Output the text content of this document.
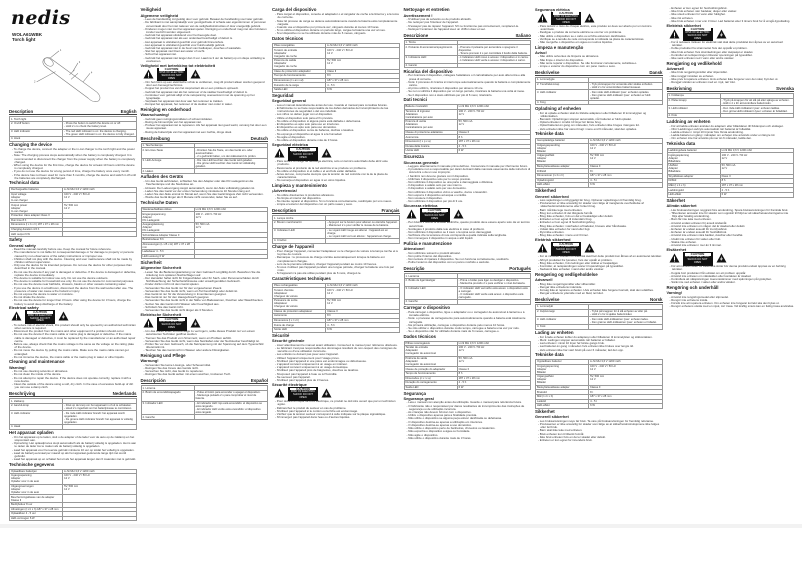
nedis
WOLA61WBK
Torch light
1
2
3
4
Description	English
1. Torch light	
2. On/off button	- Press the button to switch the device on or off.
- Hold 2 s to check the battery level.
3. LED indicator	- The red LED indicator is on: the device is charging.
- The green LED indicator is on: the device is fully charged.
4. Hook	
Changing the device
- To charge the device, connect the adapter or the in-car charger to the torch light and the power socket.
- Note: The charging process stops automatically when the battery is completely charged. It is recommended to disconnect the charger from the power supply when the battery is completely charged.
- When using the device for the first time, charge the device for at least 10 hours until the device is completely charged.
- If you do not use the device for a long period of time, charge the battery once every month.
- If the device has not been used for more than 6 months, charge the device and switch it off until the batteries are completely discharged.
Technical data
Rechargeable batteries	Li-Ni MH 3.6 V 1200 mAh
Input voltage
Adapter
In-car charger	100 V - 240 V / 50 Hz
12 V
Output power
Adapter
In-car charger	5V, 500 mA
12 V
Protection class adapter Class II	
Run time 8 h	
Dimensions (l x b x h) 187 x 37 x 28 mm	
Charging duration 4-5 h	
LED output 6 W	
Safety
General safety
- Read the manual carefully before use. Keep the manual for future reference.
- The manufacturer is not liable for consequential damage or for damage to property or persons caused by non-observance of the safety instructions or improper use.
- Children shall not play with the device. Cleaning and user maintenance shall not be made by children without supervision.
- Only use the device for its intended purposes. Do not use the device for other purposes than described in the manual.
- Do not use the device if any part is damaged or defective. If the device is damaged or defective, replace the device immediately.
- The device is suitable for indoor use only. Do not use the device outdoors.
- The device is suitable for household use only. Do not use the device for commercial purposes.
- Do not use the device near bathtubs, showers, basins or other vessels containing water.
- If you use the device in a bathroom, disconnect the device from the wall socket after use. The presence of water can cause a fire hazard or injury.
- Do not expose the device to water or moisture.
- Do not shake the device.
- Do not use the device for longer than 3 hours. After using the device for 3 hours, charge the battery to avoid deep discharge of the battery.
Electrical safety
CAUTION
RISK OF ELECTRIC SHOCK DO NOT OPEN
- To reduce risk of electric shock, this product should only be opened by an authorized technician when service is required.
- Disconnect the product from the mains and other equipment if a problem should occur.
- Do not use the device if the mains cable or mains plug is damaged or defective. If the mains cable is damaged or defective, it must be replaced by the manufacturer or an authorised repair centre.
- Before use, always check that the mains voltage is the same as the voltage on the rating plate of the device.
- Do not move the device by pulling the mains cable. Make sure the mains cable cannot get entangled.
- Do not immerse the device, the mains cable or the mains plug in water or other liquids.
Cleaning and maintenance
Warning!
- Do not use cleaning solvents or abrasives.
- Do not clean the inside of the device.
- Do not attempt to repair the device. If the device does not operate correctly, replace it with a new device.
- Clean the outside of the device using a soft, dry cloth. In the case of excessive build-up of dirt you can use a damp cloth.
Beschrijving	Nederlands
1. Zaklamp	
2. Aan/uit-knop	- Druk op de knop om het apparaat in of uit te schakelen.
- Houd 2 s ingedrukt om het batterijniveau te controleren.
3. LED-indicator	- De rode LED-indicator brandt: het apparaat wordt opgeladen.
- De groene LED-indicator brandt: het apparaat is volledig opgeladen.
4. Haak	
Het apparaat opladen
- Om het apparaat op te laden, sluit u de adapter of de lader voor de auto op de zaklamp en het stopcontact aan.
- Opmerking: Het oplaadproces stopt automatisch als de batterij volledig is opgeladen. Het is aan te raden de lader los te maken als de batterij volledig is opgeladen.
- Laad het apparaat voor het eerste gebruik minstens 10 uur op totdat het volledig is opgeladen.
- Laad de batterij eenmaal per maand op als het apparaat gedurende lange tijd niet wordt gebruikt.
- Laad het apparaat op en schakel het uit als het apparaat langer dan 6 maanden niet is gebruikt.
Technische gegevens
Oplaadbare batterijen	Li-Ni MH 3,6 V 1200 mAh
Ingangsspanning
Adapter
Oplader voor in de auto	100 V - 240 V / 50 Hz
12 V
Uitgangsvermogen
Adapter
Oplader voor in de auto	5V, 500 mA
12 V
Beschermingsklasse van de adapter Klasse II	
Bedrijfsduur 8 uur	
Afmetingen (l x b x h) 187 x 37 x 28 mm	
Oplaadduur 4 - 5 uur	
LED-vermogen 6 W	
Veiligheid
Algemene veiligheid
- Lees de handleiding zorgvuldig door voor gebruik. Bewaar de handleiding voor later gebruik.
- De fabrikant is niet aansprakelijk voor gevolgschade of schade aan eigendommen of personen veroorzaakt door het niet naleven van de veiligheidsinstructies of door oneigenlijk gebruik.
- Kinderen mogen niet met het apparaat spelen. Reiniging en onderhoud mag niet door kinderen zonder toezicht worden uitgevoerd.
- Gebruik het apparaat uitsluitend voor het beoogde doel.
- Gebruik het apparaat niet als een onderdeel beschadigd of defect is.
- Het apparaat is uitsluitend geschikt voor gebruik binnenshuis.
- Het apparaat is uitsluitend geschikt voor huishoudelijk gebruik.
- Gebruik het apparaat niet in de buurt van badkuipen, douches of wastafels.
- Stel het apparaat niet bloot aan water of vocht.
- Schud het apparaat niet.
- Gebruik het apparaat niet langer dan 3 uur. Laad na 3 uur de batterij op om diepe ontlading te voorkomen.
Veiligheid met betrekking tot elektriciteit
CAUTION
RISK OF ELECTRIC SHOCK DO NOT OPEN
- Om het risico op een elektrische schok te verkleinen, mag dit product alleen worden geopend door een bevoegd technicus.
- Koppel het product los van het stopcontact als er een probleem optreedt.
- Gebruik het apparaat niet als het netsnoer of de stekker beschadigd of defect is.
- Controleer voor gebruik altijd of de netspanning overeenkomt met de spanning op het typeplaatje.
- Verplaats het apparaat niet door aan het netsnoer te trekken.
- Dompel het apparaat, het netsnoer of de stekker niet onder in water.
Reiniging en onderhoud
Waarschuwing!
- Gebruik geen reinigingsmiddelen of schuurmiddelen.
- Reinig de binnenzijde van het apparaat niet.
- Probeer het apparaat niet te repareren. Als het apparaat niet goed werkt, vervang het door een nieuw apparaat.
- Reinig de buitenzijde van het apparaat met een zachte, droge doek.
Beschreibung	Deutsch
1. Taschenlampe	
2. Ein-/Aus-Taste	- Drücken Sie die Taste, um das Gerät ein- oder auszuschalten.
- 2 s gedrückt halten, um den Akkustand zu prüfen.
3. LED-Anzeige	- Die rote LED leuchtet: das Gerät wird geladen.
- Die grüne LED leuchtet: das Gerät ist vollständig geladen.
4. Haken	
Aufladen des Geräts
- Um das Gerät aufzuladen, schließen Sie den Adapter oder das Kfz-Ladegerät an die Taschenlampe und die Steckdose an.
- Hinweis: Der Ladevorgang stoppt automatisch, wenn der Akku vollständig geladen ist.
- Laden Sie das Gerät vor der ersten Verwendung mindestens 10 Stunden lang auf.
- Laden Sie den Akku einmal im Monat auf, wenn Sie das Gerät längere Zeit nicht verwenden.
- Wurde das Gerät länger als 6 Monate nicht verwendet, laden Sie es auf.
Technische Daten
Wiederaufladbare Akkus	Li-Ni MH 3,6 V 1200 mAh
Eingangsspannung
Adapter
Kfz-Ladegerät	100 V - 240 V / 50 Hz
12 V
Ausgangsleistung
Adapter
Kfz-Ladegerät	5V, 500 mA
12 V
Schutzklasse Adapter Klasse II	
Betriebsdauer 8 h	
Abmessungen (L x B x H) 187 x 37 x 28 mm	
Ladedauer 4 - 5 h	
LED-Leistung 6 W	
Sicherheit
Allgemeine Sicherheit
- Lesen Sie die Bedienungsanleitung vor dem Gebrauch sorgfältig durch. Bewahren Sie die Anleitung zum späteren Nachschlagen auf.
- Der Hersteller haftet nicht für Folgeschäden oder für Sach- oder Personenschäden durch Nichtbeachtung der Sicherheitshinweise oder unsachgemäßen Gebrauch.
- Kinder dürfen nicht mit dem Gerät spielen.
- Verwenden Sie das Gerät nur für den vorgesehenen Zweck.
- Verwenden Sie das Gerät nicht, wenn ein Teil beschädigt oder defekt ist.
- Das Gerät ist nur für die Verwendung in Innenräumen geeignet.
- Das Gerät ist nur für den Hausgebrauch geeignet.
- Verwenden Sie das Gerät nicht in der Nähe von Badewannen, Duschen oder Waschbecken.
- Setzen Sie das Gerät nicht Wasser oder Feuchtigkeit aus.
- Schütteln Sie das Gerät nicht.
- Verwenden Sie das Gerät nicht länger als 3 Stunden.
Elektrische Sicherheit
CAUTION
RISK OF ELECTRIC SHOCK DO NOT OPEN
- Um das Risiko eines Stromschlags zu verringern, sollte dieses Produkt nur von einem autorisierten Techniker geöffnet werden.
- Trennen Sie das Produkt vom Stromnetz, wenn ein Problem auftritt.
- Verwenden Sie das Gerät nicht, wenn das Netzkabel oder der Netzstecker beschädigt ist.
- Prüfen Sie vor dem Gebrauch, ob die Netzspannung mit der Spannung auf dem Typenschild übereinstimmt.
- Tauchen Sie das Gerät nicht in Wasser oder andere Flüssigkeiten.
Reinigung und Pflege
Warnung!
- Verwenden Sie keine Lösungs- oder Scheuermittel.
- Reinigen Sie das Innere des Geräts nicht.
- Versuchen Sie nicht, das Gerät zu reparieren.
- Reinigen Sie das Gerät außen mit einem weichen, trockenen Tuch.
Descripción	Español
1. Linterna	
2. Botón de encendido/apagado	- Pulse el botón para encender o apagar el dispositivo.
- Mantenga pulsado 2 s para comprobar el nivel de batería.
3. Indicador LED	- El indicador LED rojo está encendido: el dispositivo se está cargando.
- El indicador LED verde está encendido: el dispositivo está cargado.
4. Gancho	
Carga del dispositivo
- Para cargar el dispositivo, conecte el adaptador o el cargador de coche a la linterna y a la toma de corriente.
- Nota: El proceso de carga se detiene automáticamente cuando la batería está completamente cargada.
- Cuando use el dispositivo por primera vez, cárguelo durante al menos 10 horas.
- Si no utiliza el dispositivo durante un periodo largo, cargue la batería una vez al mes.
- Si el dispositivo no se ha utilizado durante más de 6 meses, cárguelo.
Datos técnicos
Pilas recargables	Li-Ni MH 3,6 V 1200 mAh
Tensión de entrada
Adaptador
Cargador de coche	100 V - 240 V / 50 Hz
12 V
Potencia de salida
Adaptador
Cargador de coche	5V, 500 mA
12 V
Clase de protección adaptador	Clase II
Tiempo de funcionamiento	8 h
Dimensiones (l x an x al)	187 x 37 x 28 mm
Duración de la carga	4 - 5 h
Salida LED	6 W
Seguridad
Seguridad general
- Lea el manual detenidamente antes del uso. Guarde el manual para consultas futuras.
- El fabricante no se hace responsable de los daños derivados del incumplimiento de las instrucciones de seguridad o del uso indebido.
- Los niños no deben jugar con el dispositivo.
- Utilice el dispositivo solo para el fin previsto.
- No utilice el dispositivo si alguna pieza está dañada o defectuosa.
- El dispositivo es apto solo para uso en interiores.
- El dispositivo es apto solo para uso doméstico.
- No utilice el dispositivo cerca de bañeras, duchas o lavabos.
- No exponga el dispositivo al agua ni a la humedad.
- No agite el dispositivo.
- No utilice el dispositivo durante más de 3 horas.
Seguridad eléctrica
CAUTION
RISK OF ELECTRIC SHOCK DO NOT OPEN
- Para reducir el riesgo de descarga eléctrica, solo un técnico autorizado debe abrir este producto.
- Desconecte el producto de la red eléctrica si se produce un problema.
- No utilice el dispositivo si el cable o el enchufe están dañados.
- Antes del uso, compruebe siempre que la tensión de red coincide con la de la placa de características.
- No sumerja el dispositivo en agua ni en otros líquidos.
Limpieza y mantenimiento
¡Advertencia!
- No utilice disolventes ni productos abrasivos.
- No limpie el interior del dispositivo.
- No intente reparar el dispositivo. Si no funciona correctamente, sustitúyalo por uno nuevo.
- Limpie el exterior del dispositivo con un paño suave y seco.
Description	Français
1. Lampe torche	
2. Bouton marche/arrêt	- Appuyez sur le bouton pour allumer ou éteindre l'appareil.
- Maintenez 2 s pour vérifier le niveau de la batterie.
3. Indicateur LED	- Le voyant LED rouge est allumé : l'appareil est en charge.
- Le voyant LED vert est allumé : l'appareil est chargé.
4. Crochet	
Charge de l'appareil
- Pour charger l'appareil, connectez l'adaptateur ou le chargeur de voiture à la lampe torche et à la prise de courant.
- Remarque : le processus de charge s'arrête automatiquement lorsque la batterie est complètement chargée.
- Lors de la première utilisation, chargez l'appareil pendant au moins 10 heures.
- Si vous n'utilisez pas l'appareil pendant une longue période, chargez la batterie une fois par mois.
- Si l'appareil n'a pas été utilisé pendant plus de 6 mois, chargez-le.
Caractéristiques techniques
Piles rechargeables	Li-Ni MH 3,6 V 1200 mAh
Tension d'entrée
Adaptateur
Chargeur de voiture	100 V - 240 V / 50 Hz
12 V
Puissance de sortie
Adaptateur
Chargeur de voiture	5V, 500 mA
12 V
Classe de protection adaptateur	Classe II
Autonomie	8 h
Dimensions (l x l x h)	187 x 37 x 28 mm
Durée de charge	4 - 5 h
Sortie LED	6 W
Sécurité
Sécurité générale
- Lisez attentivement le manuel avant utilisation. Conservez le manuel pour référence ultérieure.
- Le fabricant n'est pas responsable des dommages résultant du non-respect des consignes de sécurité ou d'une utilisation incorrecte.
- Les enfants ne doivent pas jouer avec l'appareil.
- Utilisez l'appareil uniquement pour l'usage prévu.
- N'utilisez pas l'appareil si une pièce est endommagée ou défectueuse.
- L'appareil convient uniquement à un usage en intérieur.
- L'appareil convient uniquement à un usage domestique.
- N'utilisez pas l'appareil près de baignoires, douches ou lavabos.
- N'exposez pas l'appareil à l'eau ou à l'humidité.
- Ne secouez pas l'appareil.
- N'utilisez pas l'appareil plus de 3 heures.
Sécurité électrique
CAUTION
RISK OF ELECTRIC SHOCK DO NOT OPEN
- Pour réduire le risque de choc électrique, ce produit ne doit être ouvert que par un technicien agréé.
- Débranchez le produit du secteur en cas de problème.
- N'utilisez pas l'appareil si le cordon ou la fiche est endommagé.
- Vérifiez que la tension secteur correspond à celle indiquée sur la plaque signalétique.
- N'immergez pas l'appareil dans l'eau ou d'autres liquides.
Nettoyage et entretien
Avertissement !
- N'utilisez pas de solvants ou de produits abrasifs.
- Ne nettoyez pas l'intérieur de l'appareil.
- N'essayez pas de réparer l'appareil. S'il ne fonctionne pas correctement, remplacez-le.
- Nettoyez l'extérieur de l'appareil avec un chiffon doux et sec.
Descrizione	Italiano
1. Torcia	
2. Pulsante di accensione/spegnimento	- Premere il pulsante per accendere o spegnere il dispositivo.
- Tenere premuto 2 s per controllare il livello della batteria.
3. Indicatore LED	- L'indicatore LED rosso è acceso: il dispositivo è in carica.
- L'indicatore LED verde è acceso: il dispositivo è carico.
4. Gancio	
Ricarica del dispositivo
- Per ricaricare il dispositivo, collegare l'adattatore o il caricabatterie per auto alla torcia e alla presa di corrente.
- Nota: il processo di ricarica si interrompe automaticamente quando la batteria è completamente carica.
- Al primo utilizzo, ricaricare il dispositivo per almeno 10 ore.
- Se non si utilizza il dispositivo per un lungo periodo, ricaricare la batteria una volta al mese.
- Se il dispositivo non è stato utilizzato per più di 6 mesi, ricaricarlo.
Dati tecnici
Batterie ricaricabili	Li-Ni MH 3,6 V 1200 mAh
Tensione di ingresso
Adattatore
Caricabatterie per auto	100 V - 240 V / 50 Hz
12 V
Potenza di uscita
Adattatore
Caricabatterie per auto	5V, 500 mA
12 V
Classe di protezione adattatore	Classe II
Autonomia	8 h
Dimensioni (l x p x a)	187 x 37 x 28 mm
Durata della ricarica	4 - 5 h
Uscita LED	6 W
Sicurezza
Sicurezza generale
- Leggere attentamente il manuale prima dell'uso. Conservare il manuale per riferimento futuro.
- Il produttore non è responsabile per danni derivanti dalla mancata osservanza delle istruzioni di sicurezza o da un uso improprio.
- I bambini non devono giocare con il dispositivo.
- Utilizzare il dispositivo solo per lo scopo previsto.
- Non utilizzare il dispositivo se una parte è danneggiata o difettosa.
- Il dispositivo è adatto solo per uso interno.
- Il dispositivo è adatto solo per uso domestico.
- Non utilizzare il dispositivo vicino a vasche, docce o lavandini.
- Non esporre il dispositivo ad acqua o umidità.
- Non scuotere il dispositivo.
- Non utilizzare il dispositivo per più di 3 ore.
Sicurezza elettrica
CAUTION
RISK OF ELECTRIC SHOCK DO NOT OPEN
- Per ridurre il rischio di scosse elettriche, questo prodotto deve essere aperto solo da un tecnico autorizzato.
- Scollegare il prodotto dalla rete elettrica in caso di problemi.
- Non utilizzare il dispositivo se il cavo o la spina sono danneggiati.
- Verificare che la tensione di rete corrisponda a quella indicata sulla targhetta.
- Non immergere il dispositivo in acqua o altri liquidi.
Pulizia e manutenzione
Attenzione!
- Non utilizzare solventi o prodotti abrasivi.
- Non pulire l'interno del dispositivo.
- Non tentare di riparare il dispositivo. Se non funziona correttamente, sostituirlo.
- Pulire l'esterno del dispositivo con un panno morbido e asciutto.
Descrição	Português
1. Lanterna	
2. Botão de ligar/desligar	- Prima o botão para ligar ou desligar o dispositivo.
- Mantenha premido 2 s para verificar o nível da bateria.
3. Indicador LED	- O indicador LED vermelho está aceso: o dispositivo está a carregar.
- O indicador LED verde está aceso: o dispositivo está carregado.
4. Gancho	
Carregar o dispositivo
- Para carregar o dispositivo, ligue o adaptador ou o carregador de automóvel à lanterna e à tomada elétrica.
- Nota: o processo de carregamento para automaticamente quando a bateria está totalmente carregada.
- Na primeira utilização, carregue o dispositivo durante pelo menos 10 horas.
- Se não utilizar o dispositivo durante muito tempo, carregue a bateria uma vez por mês.
- Se o dispositivo não for utilizado durante mais de 6 meses, carregue-o.
Dados técnicos
Pilhas recarregáveis	Li-Ni MH 3,6 V 1200 mAh
Tensão de entrada
Adaptador
Carregador de automóvel	100 V - 240 V / 50 Hz
12 V
Potência de saída
Adaptador
Carregador de automóvel	5V, 500 mA
12 V
Classe de proteção do adaptador	Classe II
Tempo de funcionamento	8 h
Dimensões (c x l x a)	187 x 37 x 28 mm
Duração do carregamento	4 - 5 h
Saída LED	6 W
Segurança
Segurança geral
- Leia o manual com atenção antes da utilização. Guarde o manual para referência futura.
- O fabricante não é responsável por danos resultantes do incumprimento das instruções de segurança ou de utilização incorreta.
- As crianças não devem brincar com o dispositivo.
- Utilize o dispositivo apenas para a finalidade prevista.
- Não utilize o dispositivo se alguma peça estiver danificada ou defeituosa.
- O dispositivo destina-se apenas a utilização em interiores.
- O dispositivo destina-se apenas a uso doméstico.
- Não utilize o dispositivo perto de banheiras, chuveiros ou lavatórios.
- Não exponha o dispositivo a água ou humidade.
- Não agite o dispositivo.
- Não utilize o dispositivo durante mais de 3 horas.
Segurança elétrica
CAUTION
RISK OF ELECTRIC SHOCK DO NOT OPEN
- Para reduzir o risco de choque elétrico, este produto só deve ser aberto por um técnico autorizado.
- Desligue o produto da corrente elétrica se ocorrer um problema.
- Não utilize o dispositivo se o cabo ou a ficha estiverem danificados.
- Verifique se a tensão de rede corresponde à indicada na placa de características.
- Não mergulhe o dispositivo em água ou noutros líquidos.
Limpeza e manutenção
Aviso!
- Não utilize solventes de limpeza ou abrasivos.
- Não limpe o interior do dispositivo.
- Não tente reparar o dispositivo. Se não funcionar corretamente, substitua-o.
- Limpe o exterior do dispositivo com um pano macio e seco.
Beskrivelse	Dansk
1. Lommelygte	
2. Tænd/sluk-knap	- Tryk på knappen for at tænde eller slukke enheden.
- Hold 2 s for at kontrollere batteriniveauet.
3. LED-indikator	- Den røde LED-indikator lyser: enheden oplades.
- Den grønne LED-indikator lyser: enheden er fuldt opladet.
4. Krog	
Opladning af enheden
- For at oplade enheden skal du tilslutte adapteren eller billaderen til lommelygten og stikkontakten.
- Bemærk: Opladningen stopper automatisk, når batteriet er fuldt opladet.
- Oplad enheden i mindst 10 timer før første brug.
- Oplad batteriet én gang om måneden, hvis enheden ikke bruges i længere tid.
- Hvis enheden ikke har været brugt i mere end 6 måneder, skal den oplades.
Tekniske data
Genopladelige batterier	Li-Ni MH 3,6 V 1200 mAh
Indgangsspænding
Adapter
Billader	100 V - 240 V / 50 Hz
12 V
Udgangseffekt
Adapter
Billader	5V, 500 mA
12 V
Beskyttelsesklasse adapter	Klasse II
Driftstid	8 t
Dimensioner (l x b x h)	187 x 37 x 28 mm
Opladningstid	4 - 5 t
LED-effekt	6 W
Sikkerhed
Generel sikkerhed
- Læs vejledningen omhyggeligt før brug. Opbevar vejledningen til fremtidig brug.
- Producenten er ikke ansvarlig for skader som følge af manglende overholdelse af sikkerhedsinstruktionerne eller forkert brug.
- Børn må ikke lege med enheden.
- Brug kun enheden til det tilsigtede formål.
- Brug ikke enheden, hvis en del er beskadiget eller defekt.
- Enheden er kun egnet til indendørs brug.
- Enheden er kun egnet til husholdningsbrug.
- Brug ikke enheden i nærheden af badekar, brusere eller håndvaske.
- Udsæt ikke enheden for vand eller fugt.
- Ryst ikke enheden.
- Brug ikke enheden i mere end 3 timer.
Elektrisk sikkerhed
CAUTION
RISK OF ELECTRIC SHOCK DO NOT OPEN
- For at mindske risikoen for elektrisk stød bør dette produkt kun åbnes af en autoriseret tekniker.
- Afbryd produktet fra lysnettet, hvis der opstår et problem.
- Brug ikke enheden, hvis ledningen eller stikket er beskadiget.
- Kontroller, at netspændingen svarer til spændingen på typeskiltet.
- Nedsænk ikke enheden i vand eller andre væsker.
Rengøring og vedligeholdelse
Advarsel!
- Brug ikke rengøringsmidler eller slibemidler.
- Rengør ikke enhedens inderside.
- Forsøg ikke at reparere enheden. Hvis enheden ikke fungerer korrekt, skal den udskiftes.
- Rengør enhedens yderside med en blød, tør klud.
Beskrivelse	Norsk
1. Lommelykt	
2. Av/på-knapp	- Trykk på knappen for å slå enheten av eller på.
- Hold 2 s for å sjekke batterinivået.
3. LED-indikator	- Den røde LED-indikatoren lyser: enheten lades.
- Den grønne LED-indikatoren lyser: enheten er fulladet.
4. Krok	
Lading av enheten
- For å lade enheten kobler du adapteren eller billaderen til lommelykten og stikkontakten.
- Merk: Ladingen stopper automatisk når batteriet er fulladet.
- Lad enheten i minst 10 timer før første gangs bruk.
- Lad batteriet én gang i måneden hvis enheten ikke brukes over lengre tid.
- Hvis enheten ikke har vært brukt på over 6 måneder, lad den opp.
Tekniske data
Oppladbare batterier	Li-Ni MH 3,6 V 1200 mAh
Inngangsspenning
Adapter
Billader	100 V - 240 V / 50 Hz
12 V
Utgangseffekt
Adapter
Billader	5V, 500 mA
12 V
Beskyttelsesklasse adapter	Klasse II
Brukstid	8 t
Mål (l x b x h)	187 x 37 x 28 mm
Ladetid	4 - 5 t
LED-effekt	6 W
Sikkerhet
Generell sikkerhet
- Les bruksanvisningen nøye før bruk. Ta vare på bruksanvisningen for fremtidig referanse.
- Produsenten er ikke ansvarlig for skader som følge av at sikkerhetsinstruksjonene ikke følges eller feil bruk.
- Barn skal ikke leke med enheten.
- Bruk enheten kun til tiltenkt formål.
- Ikke bruk enheten hvis en del er skadet eller defekt.
- Enheten er kun egnet for innendørs bruk.
- Enheten er kun egnet for husholdningsbruk.
- Ikke bruk enheten nær badekar, dusjer eller vasker.
- Ikke utsett enheten for vann eller fuktighet.
- Ikke rist enheten.
- Ikke bruk enheten i mer enn 3 timer. Lad batteriet etter 3 timers bruk for å unngå dyputlading.
Elektrisk sikkerhet
CAUTION
RISK OF ELECTRIC SHOCK DO NOT OPEN
- For å redusere risikoen for elektrisk støt skal dette produktet kun åpnes av en autorisert tekniker.
- Koble produktet fra strømnettet hvis det oppstår et problem.
- Ikke bruk enheten hvis strømledningen eller støpselet er skadet.
- Kontroller at nettspenningen tilsvarer spenningen på typeskiltet.
- Ikke senk enheten ned i vann eller andre væsker.
Rengjøring og vedlikehold
Advarsel!
- Ikke bruk rengjøringsmidler eller slipemidler.
- Ikke rengjør innsiden av enheten.
- Ikke prøv å reparere enheten. Hvis enheten ikke fungerer som den skal, bytt den ut.
- Rengjør utsiden av enheten med en myk, tørr klut.
Beskrivning	Svenska
1. Ficklampa	
2. På/av-knapp	- Tryck på knappen för att slå på eller stänga av enheten.
- Håll in 2 s för att kontrollera batterinivån.
3. LED-indikator	- Den röda LED-indikatorn lyser: enheten laddas.
- Den gröna LED-indikatorn lyser: enheten är fulladdad.
4. Krok	
Laddning av enheten
- För att ladda enheten ansluter du adaptern eller billaddaren till ficklampan och eluttaget.
- Obs! Laddningen avbryts automatiskt när batteriet är fulladdat.
- Ladda enheten i minst 10 timmar före första användning.
- Ladda batteriet en gång i månaden om enheten inte används under en längre tid.
- Om enheten inte har använts på mer än 6 månader, ladda den.
Tekniska data
Laddningsbara batterier	Li-Ni MH 3,6 V 1200 mAh
Ingångsspänning
Adapter
Billaddare	100 V - 240 V / 50 Hz
12 V
Uteffekt
Adapter
Billaddare	5V, 500 mA
12 V
Skyddsklass adapter	Klass II
Drifttid	8 h
Mått (l x b x h)	187 x 37 x 28 mm
Laddningstid	4 - 5 h
LED-effekt	6 W
Säkerhet
Allmän säkerhet
- Läs bruksanvisningen noggrant före användning. Spara bruksanvisningen för framtida bruk.
- Tillverkaren ansvarar inte för skador som uppstår till följd av att säkerhetsanvisningarna inte följs eller felaktig användning.
- Barn får inte leka med enheten.
- Använd endast enheten för avsett ändamål.
- Använd inte enheten om någon del är skadad eller defekt.
- Enheten är endast avsedd för inomhusbruk.
- Enheten är endast avsedd för hushållsbruk.
- Använd inte enheten nära badkar, duschar eller handfat.
- Utsätt inte enheten för vatten eller fukt.
- Skaka inte enheten.
- Använd inte enheten i mer än 3 timmar.
Elsäkerhet
CAUTION
RISK OF ELECTRIC SHOCK DO NOT OPEN
- För att minska risken för elektriska stötar bör denna produkt endast öppnas av en behörig tekniker.
- Koppla bort produkten från elnätet om ett problem uppstår.
- Använd inte enheten om nätsladden eller kontakten är skadad.
- Kontrollera att nätspänningen överensstämmer med spänningen på typskylten.
- Sänk inte ned enheten i vatten eller andra vätskor.
Rengöring och underhåll
Varning!
- Använd inte rengöringsmedel eller slipmedel.
- Rengör inte enhetens insida.
- Försök inte att reparera enheten. Om enheten inte fungerar korrekt ska den bytas ut.
- Rengör enhetens utsida med en mjuk, torr trasa. Vid kraftig smuts kan en fuktig trasa användas.
